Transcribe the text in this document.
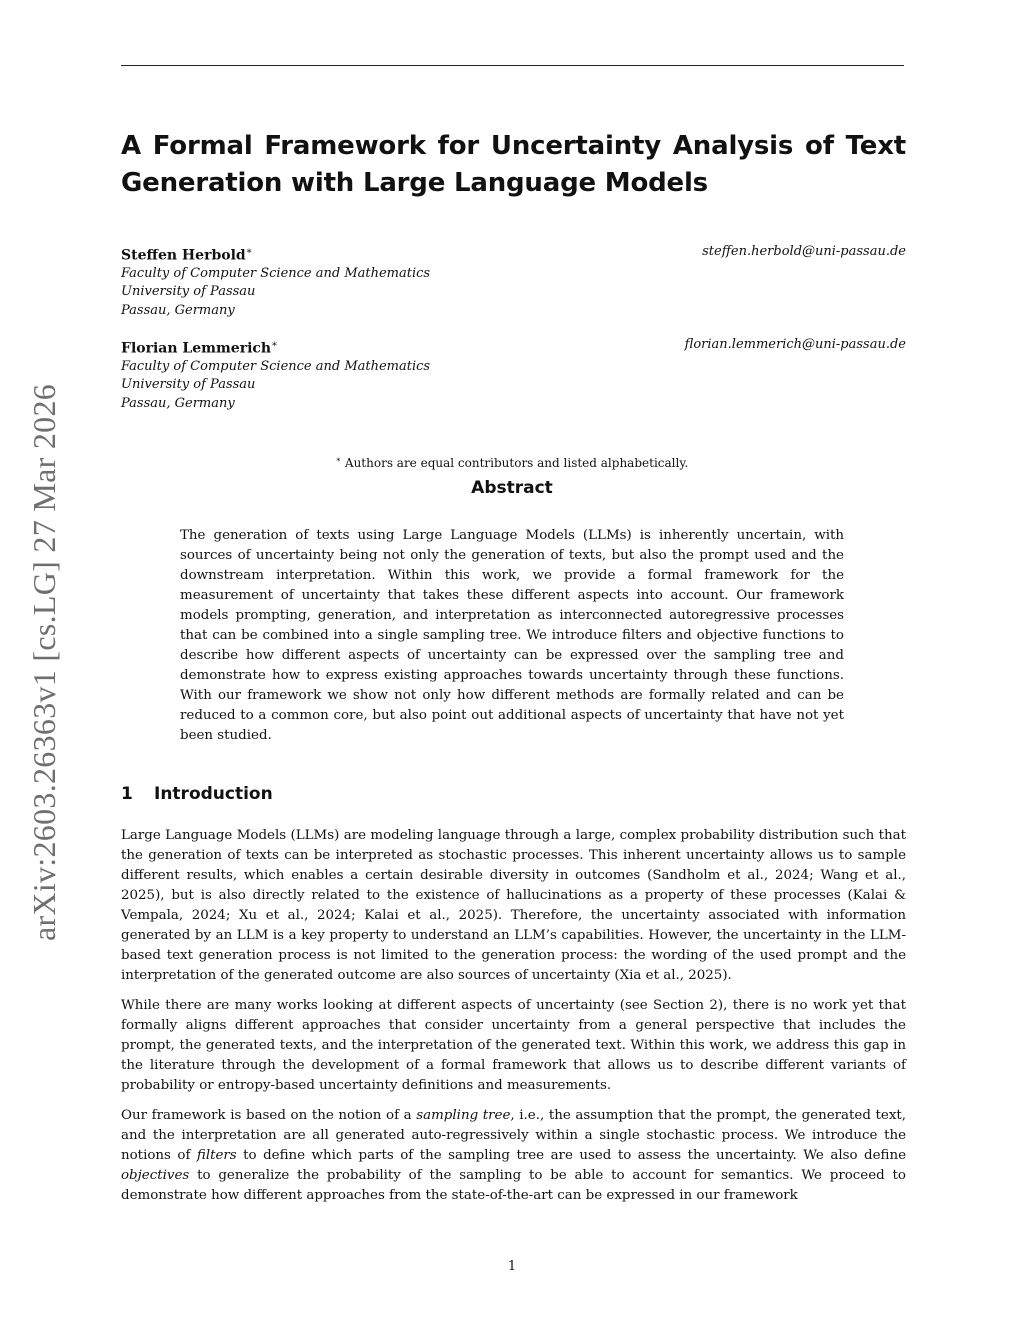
arXiv:2603.26363v1 [cs.LG] 27 Mar 2026
A Formal Framework for Uncertainty Analysis of Text Generation with Large Language Models
Steffen Herbold∗	steffen.herbold@uni-passau.de
Faculty of Computer Science and Mathematics
University of Passau
Passau, Germany
Florian Lemmerich∗	florian.lemmerich@uni-passau.de
Faculty of Computer Science and Mathematics
University of Passau
Passau, Germany
∗ Authors are equal contributors and listed alphabetically.
Abstract

The generation of texts using Large Language Models (LLMs) is inherently uncertain, with sources of uncertainty being not only the generation of texts, but also the prompt used and the downstream interpretation. Within this work, we provide a formal framework for the measurement of uncertainty that takes these different aspects into account. Our framework models prompting, generation, and interpretation as interconnected autoregressive processes that can be combined into a single sampling tree. We introduce filters and objective functions to describe how different aspects of uncertainty can be expressed over the sampling tree and demonstrate how to express existing approaches towards uncertainty through these functions. With our framework we show not only how different methods are formally related and can be reduced to a common core, but also point out additional aspects of uncertainty that have not yet been studied.

1 Introduction

Large Language Models (LLMs) are modeling language through a large, complex probability distribution such that the generation of texts can be interpreted as stochastic processes. This inherent uncertainty allows us to sample different results, which enables a certain desirable diversity in outcomes (Sandholm et al., 2024; Wang et al., 2025), but is also directly related to the existence of hallucinations as a property of these processes (Kalai & Vempala, 2024; Xu et al., 2024; Kalai et al., 2025). Therefore, the uncertainty associated with information generated by an LLM is a key property to understand an LLM’s capabilities. However, the uncertainty in the LLM-based text generation process is not limited to the generation process: the wording of the used prompt and the interpretation of the generated outcome are also sources of uncertainty (Xia et al., 2025).

While there are many works looking at different aspects of uncertainty (see Section 2), there is no work yet that formally aligns different approaches that consider uncertainty from a general perspective that includes the prompt, the generated texts, and the interpretation of the generated text. Within this work, we address this gap in the literature through the development of a formal framework that allows us to describe different variants of probability or entropy-based uncertainty definitions and measurements.

Our framework is based on the notion of a sampling tree, i.e., the assumption that the prompt, the generated text, and the interpretation are all generated auto-regressively within a single stochastic process. We introduce the notions of filters to define which parts of the sampling tree are used to assess the uncertainty. We also define objectives to generalize the probability of the sampling to be able to account for semantics. We proceed to demonstrate how different approaches from the state-of-the-art can be expressed in our framework

1
